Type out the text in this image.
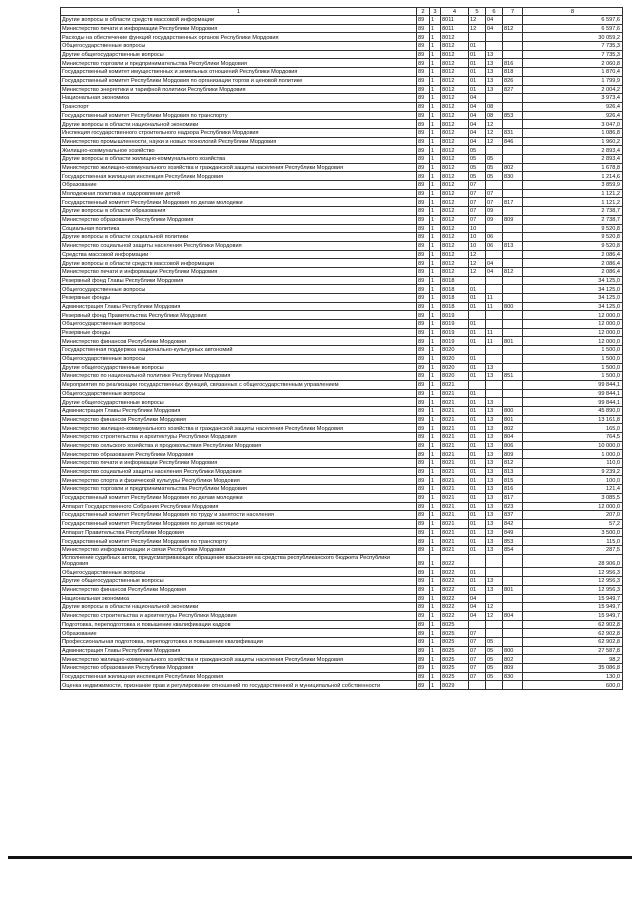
1	2	3	4	5	6	7	8
Другие вопросы в области средств массовой информации	89	1	8011	12	04		6 597,6
Министерство печати и информации Республики Мордовия	89	1	8011	12	04	812	6 597,6
Расходы на обеспечение функций государственных органов Республики Мордовия	89	1	8012				30 059,2
Общегосударственные вопросы	89	1	8012	01			7 735,3
Другие общегосударственные вопросы	89	1	8012	01	13		7 735,3
Министерство торговли и предпринимательства Республики Мордовия	89	1	8012	01	13	816	2 060,8
Государственный комитет имущественных и земельных отношений Республики Мордовия	89	1	8012	01	13	818	1 870,4
Государственный комитет Республики Мордовия по организации торгов и ценовой политике	89	1	8012	01	13	826	1 799,9
Министерство энергетики и тарифной политики Республики Мордовия	89	1	8012	01	13	827	2 004,2
Национальная экономика	89	1	8012	04			3 973,4
Транспорт	89	1	8012	04	08		926,4
Государственный комитет Республики Мордовия по транспорту	89	1	8012	04	08	853	926,4
Другие вопросы в области национальной экономики	89	1	8012	04	12		3 047,0
Инспекция государственного строительного надзора Республики Мордовия	89	1	8012	04	12	831	1 086,8
Министерство промышленности, науки и новых технологий Республики Мордовия	89	1	8012	04	12	846	1 960,2
Жилищно-коммунальное хозяйство	89	1	8012	05			2 893,4
Другие вопросы в области жилищно-коммунального хозяйства	89	1	8012	05	05		2 893,4
Министерство жилищно-коммунального хозяйства и гражданской защиты населения Республики Мордовия	89	1	8012	05	05	802	1 678,8
Государственная жилищная инспекция Республики Мордовия	89	1	8012	05	05	830	1 214,6
Образование	89	1	8012	07			3 859,9
Молодежная политика и оздоровление детей	89	1	8012	07	07		1 121,2
Государственный комитет Республики Мордовия по делам молодежи	89	1	8012	07	07	817	1 121,2
Другие вопросы в области образования	89	1	8012	07	09		2 738,7
Министерство образования Республики Мордовия	89	1	8012	07	09	809	2 738,7
Социальная политика	89	1	8012	10			9 520,8
Другие вопросы в области социальной политики	89	1	8012	10	06		9 520,8
Министерство социальной защиты населения Республики Мордовия	89	1	8012	10	06	813	9 520,8
Средства массовой информации	89	1	8012	12			2 086,4
Другие вопросы в области средств массовой информации	89	1	8012	12	04		2 086,4
Министерство печати и информации Республики Мордовия	89	1	8012	12	04	812	2 086,4
Резервный фонд Главы Республики Мордовия	89	1	8018				34 125,0
Общегосударственные вопросы	89	1	8018	01			34 125,0
Резервные фонды	89	1	8018	01	11		34 125,0
Администрация Главы Республики Мордовия	89	1	8018	01	11	800	34 125,0
Резервный фонд Правительства Республики Мордовия	89	1	8019				12 000,0
Общегосударственные вопросы	89	1	8019	01			12 000,0
Резервные фонды	89	1	8019	01	11		12 000,0
Министерство финансов Республики Мордовия	89	1	8019	01	11	801	12 000,0
Государственная поддержка национально-культурных автономий	89	1	8020				1 500,0
Общегосударственные вопросы	89	1	8020	01			1 500,0
Другие общегосударственные вопросы	89	1	8020	01	13		1 500,0
Министерство по национальной политике Республики Мордовия	89	1	8020	01	13	851	1 500,0
Мероприятия по реализации государственных функций, связанных с общегосударственным управлением	89	1	8021				99 844,1
Общегосударственные вопросы	89	1	8021	01			99 844,1
Другие общегосударственные вопросы	89	1	8021	01	13		99 844,1
Администрация Главы Республики Мордовия	89	1	8021	01	13	800	45 890,0
Министерство финансов Республики Мордовия	89	1	8021	01	13	801	13 161,8
Министерство жилищно-коммунального хозяйства и гражданской защиты населения Республики Мордовия	89	1	8021	01	13	802	165,0
Министерство строительства и архитектуры Республики Мордовия	89	1	8021	01	13	804	764,5
Министерство сельского хозяйства и продовольствия Республики Мордовия	89	1	8021	01	13	806	10 000,0
Министерство образования Республики Мордовия	89	1	8021	01	13	809	1 000,0
Министерство печати и информации Республики Мордовия	89	1	8021	01	13	812	110,0
Министерство социальной защиты населения Республики Мордовия	89	1	8021	01	13	813	9 239,2
Министерство спорта и физической культуры Республики Мордовия	89	1	8021	01	13	815	100,0
Министерство торговли и предпринимательства Республики Мордовия	89	1	8021	01	13	816	121,4
Государственный комитет Республики Мордовия по делам молодежи	89	1	8021	01	13	817	3 085,5
Аппарат Государственного Собрания Республики Мордовия	89	1	8021	01	13	823	12 000,0
Государственный комитет Республики Мордовия по труду и занятости населения	89	1	8021	01	13	837	207,0
Государственный комитет Республики Мордовия по делам юстиции	89	1	8021	01	13	842	57,2
Аппарат Правительства Республики Мордовия	89	1	8021	01	13	849	3 500,0
Государственный комитет Республики Мордовия по транспорту	89	1	8021	01	13	853	115,0
Министерство информатизации и связи Республики Мордовия	89	1	8021	01	13	854	287,5
Исполнение судебных актов, предусматривающих обращение взыскания на средства республиканского бюджета Республики Мордовия	89	1	8022				28 906,0
Общегосударственные вопросы	89	1	8022	01			12 956,3
Другие общегосударственные вопросы	89	1	8022	01	13		12 956,3
Министерство финансов Республики Мордовия	89	1	8022	01	13	801	12 956,3
Национальная экономика	89	1	8022	04			15 949,7
Другие вопросы в области национальной экономики	89	1	8022	04	12		15 949,7
Министерство строительства и архитектуры Республики Мордовия	89	1	8022	04	12	804	15 949,7
Подготовка, переподготовка и повышение квалификации кадров	89	1	8025				62 902,8
Образование	89	1	8025	07			62 902,8
Профессиональная подготовка, переподготовка и повышение квалификации	89	1	8025	07	05		62 902,8
Администрация Главы Республики Мордовия	89	1	8025	07	05	800	27 587,8
Министерство жилищно-коммунального хозяйства и гражданской защиты населения Республики Мордовия	89	1	8025	07	05	802	98,2
Министерство образования Республики Мордовия	89	1	8025	07	05	809	35 086,8
Государственная жилищная инспекция Республики Мордовия	89	1	8025	07	05	830	130,0
Оценка недвижимости, признание прав и регулирование отношений по государственной и муниципальной собственности	89	1	8029				600,0
